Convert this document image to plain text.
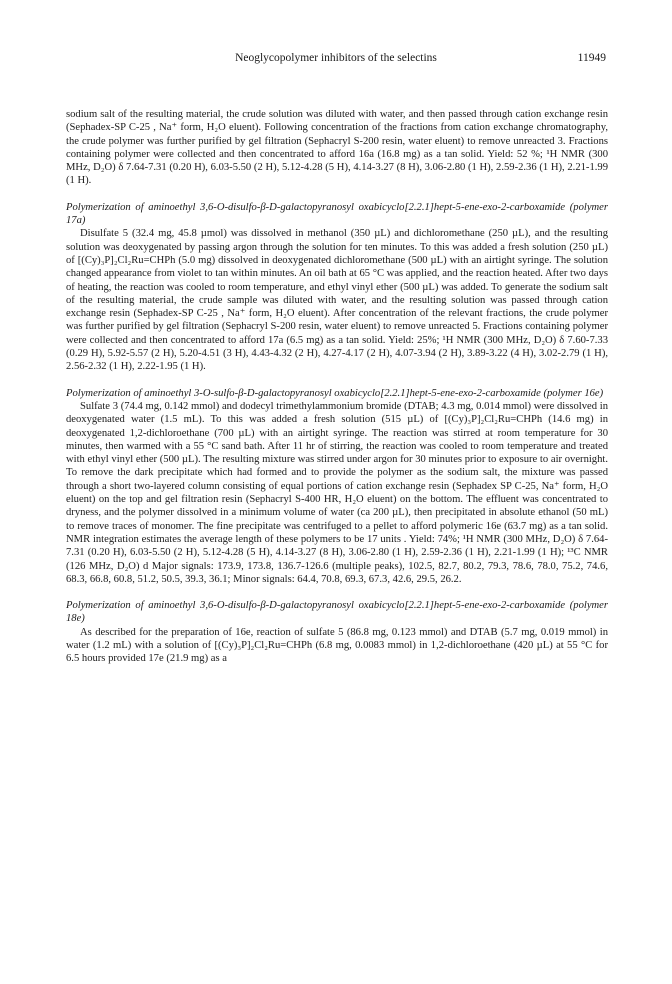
Neoglycopolymer inhibitors of the selectins	11949

sodium salt of the resulting material, the crude solution was diluted with water, and then passed through cation exchange resin (Sephadex-SP C-25 , Na⁺ form, H₂O eluent). Following concentration of the fractions from cation exchange chromatography, the crude polymer was further purified by gel filtration (Sephacryl S-200 resin, water eluent) to remove unreacted 3. Fractions containing polymer were collected and then concentrated to afford 16a (16.8 mg) as a tan solid. Yield: 52 %; ¹H NMR (300 MHz, D₂O) δ 7.64-7.31 (0.20 H), 6.03-5.50 (2 H), 5.12-4.28 (5 H), 4.14-3.27 (8 H), 3.06-2.80 (1 H), 2.59-2.36 (1 H), 2.21-1.99 (1 H).

Polymerization of aminoethyl 3,6-O-disulfo-β-D-galactopyranosyl oxabicyclo[2.2.1]hept-5-ene-exo-2-carboxamide (polymer 17a)

Disulfate 5 (32.4 mg, 45.8 µmol) was dissolved in methanol (350 µL) and dichloromethane (250 µL), and the resulting solution was deoxygenated by passing argon through the solution for ten minutes. To this was added a fresh solution (250 µL) of [(Cy)₃P]₂Cl₂Ru=CHPh (5.0 mg) dissolved in deoxygenated dichloromethane (500 µL) with an airtight syringe. The solution changed appearance from violet to tan within minutes. An oil bath at 65 °C was applied, and the reaction heated. After two days of heating, the reaction was cooled to room temperature, and ethyl vinyl ether (500 µL) was added. To generate the sodium salt of the resulting material, the crude sample was diluted with water, and the resulting solution was passed through cation exchange resin (Sephadex-SP C-25 , Na⁺ form, H₂O eluent). After concentration of the relevant fractions, the crude polymer was further purified by gel filtration (Sephacryl S-200 resin, water eluent) to remove unreacted 5. Fractions containing polymer were collected and then concentrated to afford 17a (6.5 mg) as a tan solid. Yield: 25%; ¹H NMR (300 MHz, D₂O) δ 7.60-7.33 (0.29 H), 5.92-5.57 (2 H), 5.20-4.51 (3 H), 4.43-4.32 (2 H), 4.27-4.17 (2 H), 4.07-3.94 (2 H), 3.89-3.22 (4 H), 3.02-2.79 (1 H), 2.56-2.32 (1 H), 2.22-1.95 (1 H).

Polymerization of aminoethyl 3-O-sulfo-β-D-galactopyranosyl oxabicyclo[2.2.1]hept-5-ene-exo-2-carboxamide (polymer 16e)

Sulfate 3 (74.4 mg, 0.142 mmol) and dodecyl trimethylammonium bromide (DTAB; 4.3 mg, 0.014 mmol) were dissolved in deoxygenated water (1.5 mL). To this was added a fresh solution (515 µL) of [(Cy)₃P]₂Cl₂Ru=CHPh (14.6 mg) in deoxygenated 1,2-dichloroethane (700 µL) with an airtight syringe. The reaction was stirred at room temperature for 30 minutes, then warmed with a 55 °C sand bath. After 11 hr of stirring, the reaction was cooled to room temperature and treated with ethyl vinyl ether (500 µL). The resulting mixture was stirred under argon for 30 minutes prior to exposure to air overnight. To remove the dark precipitate which had formed and to provide the polymer as the sodium salt, the mixture was passed through a short two-layered column consisting of equal portions of cation exchange resin (Sephadex SP C-25, Na⁺ form, H₂O eluent) on the top and gel filtration resin (Sephacryl S-400 HR, H₂O eluent) on the bottom. The effluent was concentrated to dryness, and the polymer dissolved in a minimum volume of water (ca 200 µL), then precipitated in absolute ethanol (50 mL) to remove traces of monomer. The fine precipitate was centrifuged to a pellet to afford polymeric 16e (63.7 mg) as a tan solid. NMR integration estimates the average length of these polymers to be 17 units . Yield: 74%; ¹H NMR (300 MHz, D₂O) δ 7.64-7.31 (0.20 H), 6.03-5.50 (2 H), 5.12-4.28 (5 H), 4.14-3.27 (8 H), 3.06-2.80 (1 H), 2.59-2.36 (1 H), 2.21-1.99 (1 H); ¹³C NMR (126 MHz, D₂O) d Major signals: 173.9, 173.8, 136.7-126.6 (multiple peaks), 102.5, 82.7, 80.2, 79.3, 78.6, 78.0, 75.2, 74.6, 68.3, 66.8, 60.8, 51.2, 50.5, 39.3, 36.1; Minor signals: 64.4, 70.8, 69.3, 67.3, 42.6, 29.5, 26.2.

Polymerization of aminoethyl 3,6-O-disulfo-β-D-galactopyranosyl oxabicyclo[2.2.1]hept-5-ene-exo-2-carboxamide (polymer 18e)

As described for the preparation of 16e, reaction of sulfate 5 (86.8 mg, 0.123 mmol) and DTAB (5.7 mg, 0.019 mmol) in water (1.2 mL) with a solution of [(Cy)₃P]₂Cl₂Ru=CHPh (6.8 mg, 0.0083 mmol) in 1,2-dichloroethane (420 µL) at 55 °C for 6.5 hours provided 17e (21.9 mg) as a
